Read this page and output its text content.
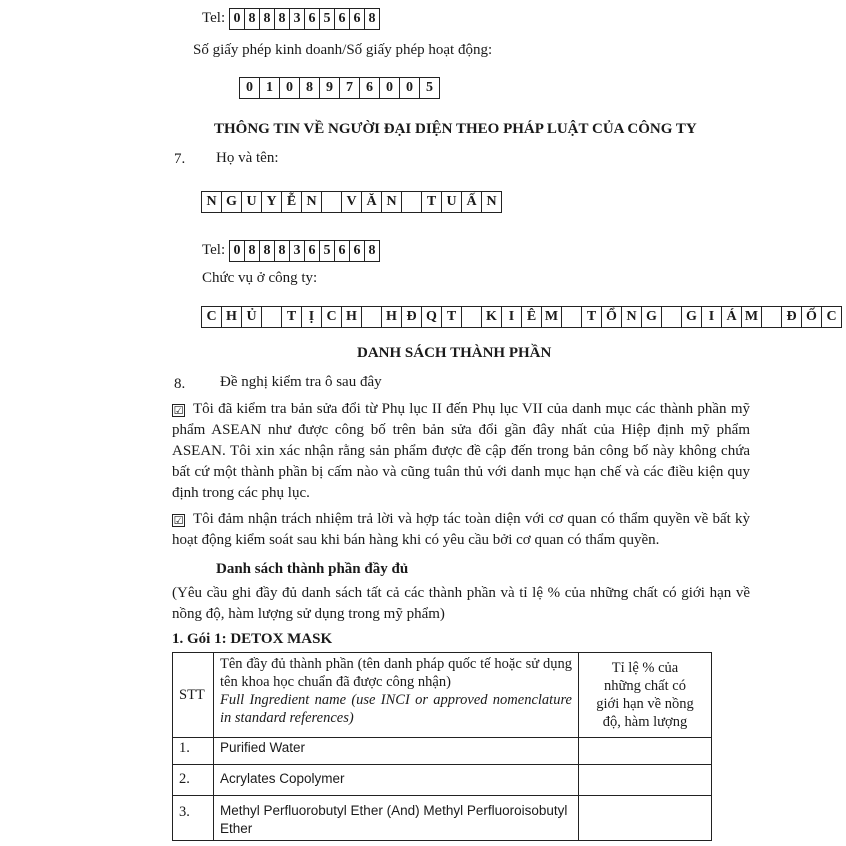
Tel: 0 8 8 8 3 6 5 6 6 8
Số giấy phép kinh doanh/Số giấy phép hoạt động:
0 1 0 8 9 7 6 0 0 5
THÔNG TIN VỀ NGƯỜI ĐẠI DIỆN THEO PHÁP LUẬT CỦA CÔNG TY
7. Họ và tên:
N G U Y Ễ N	V Ă N	T U Ấ N
Tel: 0 8 8 8 3 6 5 6 6 8
Chức vụ ở công ty:
C H Ủ	T Ị C H	H Đ Q T	K I Ê M	T Ổ N G	G I Á M	Đ Ố C
DANH SÁCH THÀNH PHẦN
8. Đề nghị kiểm tra ô sau đây
☑ Tôi đã kiểm tra bản sửa đổi từ Phụ lục II đến Phụ lục VII của danh mục các thành phần mỹ phẩm ASEAN như được công bố trên bản sửa đổi gần đây nhất của Hiệp định mỹ phẩm ASEAN. Tôi xin xác nhận rằng sản phẩm được đề cập đến trong bản công bố này không chứa bất cứ một thành phần bị cấm nào và cũng tuân thủ với danh mục hạn chế và các điều kiện quy định trong các phụ lục.
☑ Tôi đảm nhận trách nhiệm trả lời và hợp tác toàn diện với cơ quan có thẩm quyền về bất kỳ hoạt động kiểm soát sau khi bán hàng khi có yêu cầu bởi cơ quan có thẩm quyền.
Danh sách thành phần đầy đủ
(Yêu cầu ghi đầy đủ danh sách tất cả các thành phần và tỉ lệ % của những chất có giới hạn về nồng độ, hàm lượng sử dụng trong mỹ phẩm)
1. Gói 1: DETOX MASK
STT	Tên đầy đủ thành phần (tên danh pháp quốc tế hoặc sử dụng tên khoa học chuẩn đã được công nhận)
Full Ingredient name (use INCI or approved nomenclature in standard references)	Tỉ lệ % của những chất có giới hạn về nồng độ, hàm lượng
1.	Purified Water	
2.	Acrylates Copolymer	
3.	Methyl Perfluorobutyl Ether (And) Methyl Perfluoroisobutyl Ether	
